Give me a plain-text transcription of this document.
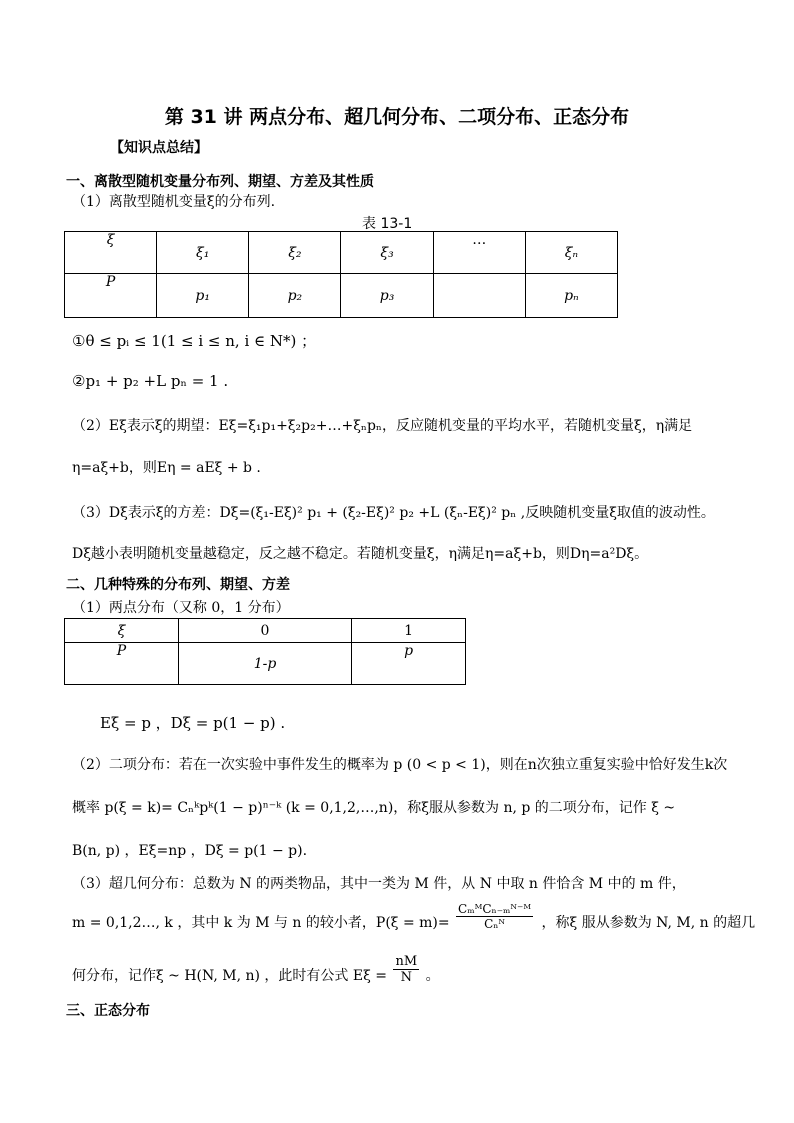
第 31 讲 两点分布、超几何分布、二项分布、正态分布
【知识点总结】
一、离散型随机变量分布列、期望、方差及其性质
（1）离散型随机变量ξ的分布列.
表 13-1
ξ	ξ₁	ξ₂	ξ₃	…	ξₙ
P	p₁	p₂	p₃		pₙ
①θ ≤ pᵢ ≤ 1(1 ≤ i ≤ n, i ∈ N*) ；
②p₁ + p₂ +L pₙ = 1 .
（2）Eξ表示ξ的期望：Eξ=ξ₁p₁+ξ₂p₂+…+ξₙpₙ，反应随机变量的平均水平，若随机变量ξ，η满足
η=aξ+b，则Eη = aEξ + b .
（3）Dξ表示ξ的方差：Dξ=(ξ₁-Eξ)² p₁ + (ξ₂-Eξ)² p₂ +L (ξₙ-Eξ)² pₙ ,反映随机变量ξ取值的波动性。
Dξ越小表明随机变量越稳定，反之越不稳定。若随机变量ξ，η满足η=aξ+b，则Dη=a²Dξ。
二、几种特殊的分布列、期望、方差
（1）两点分布（又称 0，1 分布）
ξ	0	1
P	1-p	p
Eξ = p ，Dξ = p(1 − p) .
（2）二项分布：若在一次实验中事件发生的概率为 p (0 < p < 1)，则在n次独立重复实验中恰好发生k次
概率 p(ξ = k)= Cₙᵏpᵏ(1 − p)ⁿ⁻ᵏ (k = 0,1,2,…,n)，称ξ服从参数为 n, p 的二项分布，记作 ξ ~
B(n, p) ，Eξ=np ，Dξ = p(1 − p).
（3）超几何分布：总数为 N 的两类物品，其中一类为 M 件，从 N 中取 n 件恰含 M 中的 m 件，
m = 0,1,2…, k ，其中 k 为 M 与 n 的较小者，P(ξ = m)=
CₘᴹCₙ₋ₘᴺ⁻ᴹ
Cₙᴺ	，称ξ 服从参数为 N, M, n 的超几
何分布，记作ξ ~ H(N, M, n) ，此时有公式 $E\xi = \frac{nM}{N}$ 。
三、正态分布
